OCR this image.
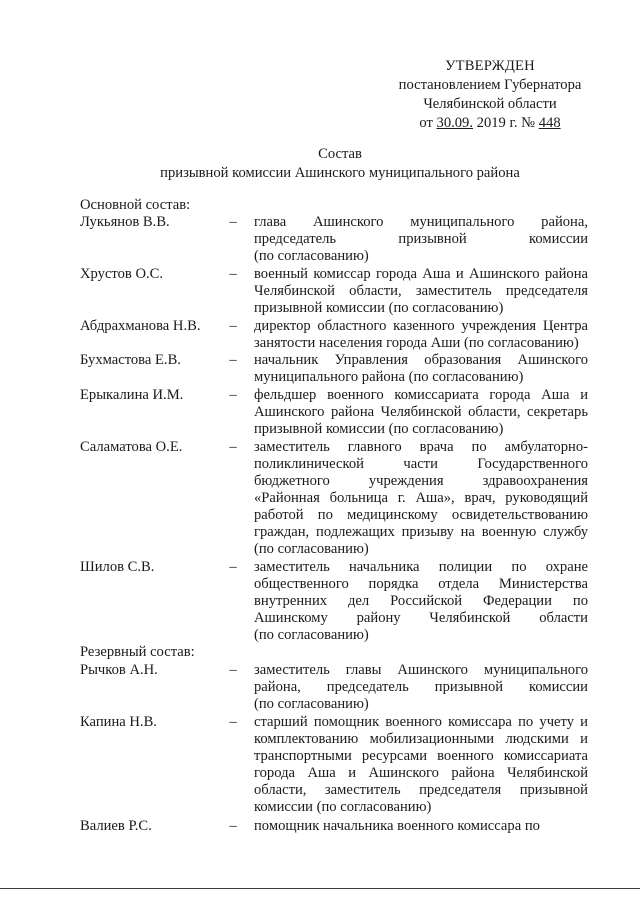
УТВЕРЖДЕН
постановлением Губернатора
Челябинской области
от 30.09. 2019 г. № 448
Состав
призывной комиссии Ашинского муниципального района
Основной состав:
Лукьянов В.В.	– глава Ашинского муниципального района,
председатель призывной комиссии
(по согласованию)
Хрустов О.С.	– военный комиссар города Аша и Ашинского района
Челябинской области, заместитель председателя
призывной комиссии (по согласованию)
Абдрахманова Н.В.	– директор областного казенного учреждения Центра
занятости населения города Аши (по согласованию)
Бухмастова Е.В.	– начальник Управления образования Ашинского
муниципального района (по согласованию)
Ерыкалина И.М.	– фельдшер военного комиссариата города Аша и
Ашинского района Челябинской области, секретарь
призывной комиссии (по согласованию)
Саламатова О.Е.	– заместитель главного врача по амбулаторно-
поликлинической части Государственного
бюджетного учреждения здравоохранения
«Районная больница г. Аша», врач, руководящий
работой по медицинскому освидетельствованию
граждан, подлежащих призыву на военную службу
(по согласованию)
Шилов С.В.	– заместитель начальника полиции по охране
общественного порядка отдела Министерства
внутренних дел Российской Федерации по
Ашинскому району Челябинской области
(по согласованию)
Резервный состав:
Рычков А.Н.	– заместитель главы Ашинского муниципального
района, председатель призывной комиссии
(по согласованию)
Капина Н.В.	– старший помощник военного комиссара по учету и
комплектованию мобилизационными людскими и
транспортными ресурсами военного комиссариата
города Аша и Ашинского района Челябинской
области, заместитель председателя призывной
комиссии (по согласованию)
Валиев Р.С.	– помощник начальника военного комиссара по
